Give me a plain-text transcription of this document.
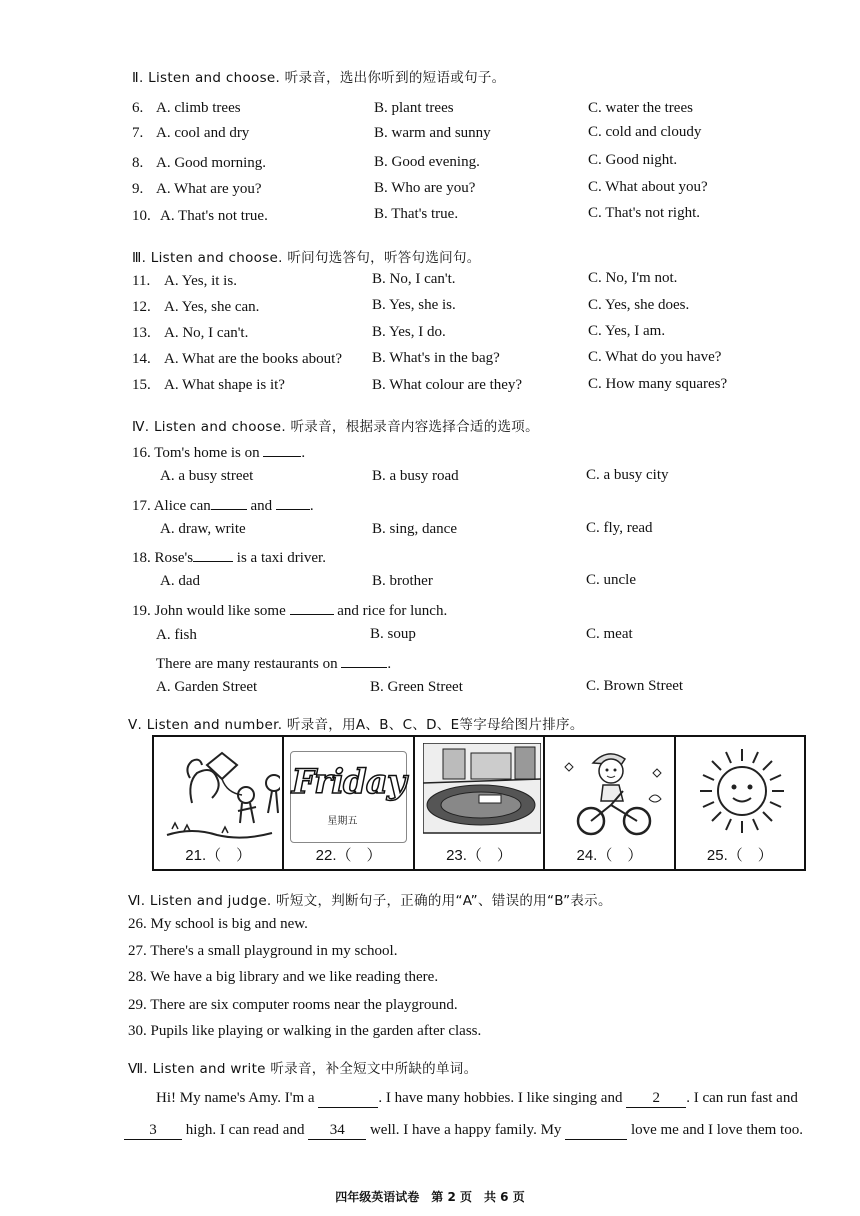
Ⅱ. Listen and choose. 听录音，选出你听到的短语或句子。
6. A. climb trees	B. plant trees	C. water the trees
7. A. cool and dry	B. warm and sunny	C. cold and cloudy
8. A. Good morning.	B. Good evening.	C. Good night.
9. A. What are you?	B. Who are you?	C. What about you?
10. A. That's not true.	B. That's true.	C. That's not right.
Ⅲ. Listen and choose. 听问句选答句，听答句选问句。
11. A. Yes, it is.	B. No, I can't.	C. No, I'm not.
12. A. Yes, she can.	B. Yes, she is.	C. Yes, she does.
13. A. No, I can't.	B. Yes, I do.	C. Yes, I am.
14. A. What are the books about? B. What's in the bag?	C. What do you have?
15. A. What shape is it?	B. What colour are they?	C. How many squares?
Ⅳ. Listen and choose. 听录音，根据录音内容选择合适的选项。
16. Tom's home is on	.
A. a busy street	B. a busy road	C. a busy city
17. Alice can	and	.
A. draw, write	B. sing, dance	C. fly, read
18. Rose's	is a taxi driver.
A. dad	B. brother	C. uncle
19. John would like some	and rice for lunch.
A. fish	B. soup	C. meat
There are many restaurants on	.
A. Garden Street	B. Green Street	C. Brown Street
Ⅴ. Listen and number. 听录音，用A、B、C、D、E等字母给图片排序。
21.（　）
Friday
星期五
22.（　）	23.（　）	24.（　）	25.（　）
Ⅵ. Listen and judge. 听短文，判断句子，正确的用“A”、错误的用“B”表示。
26. My school is big and new.
27. There's a small playground in my school.
28. We have a big library and we like reading there.
29. There are six computer rooms near the playground.
30. Pupils like playing or walking in the garden after class.
Ⅶ. Listen and write 听录音，补全短文中所缺的单词。
Hi! My name's Amy. I'm a	. I have many hobbies. I like singing and 2 . I can run fast and
3 high. I can read and 34 well. I have a happy family. My	love me and I love them too.
四年级英语试卷　第 2 页　共 6 页
